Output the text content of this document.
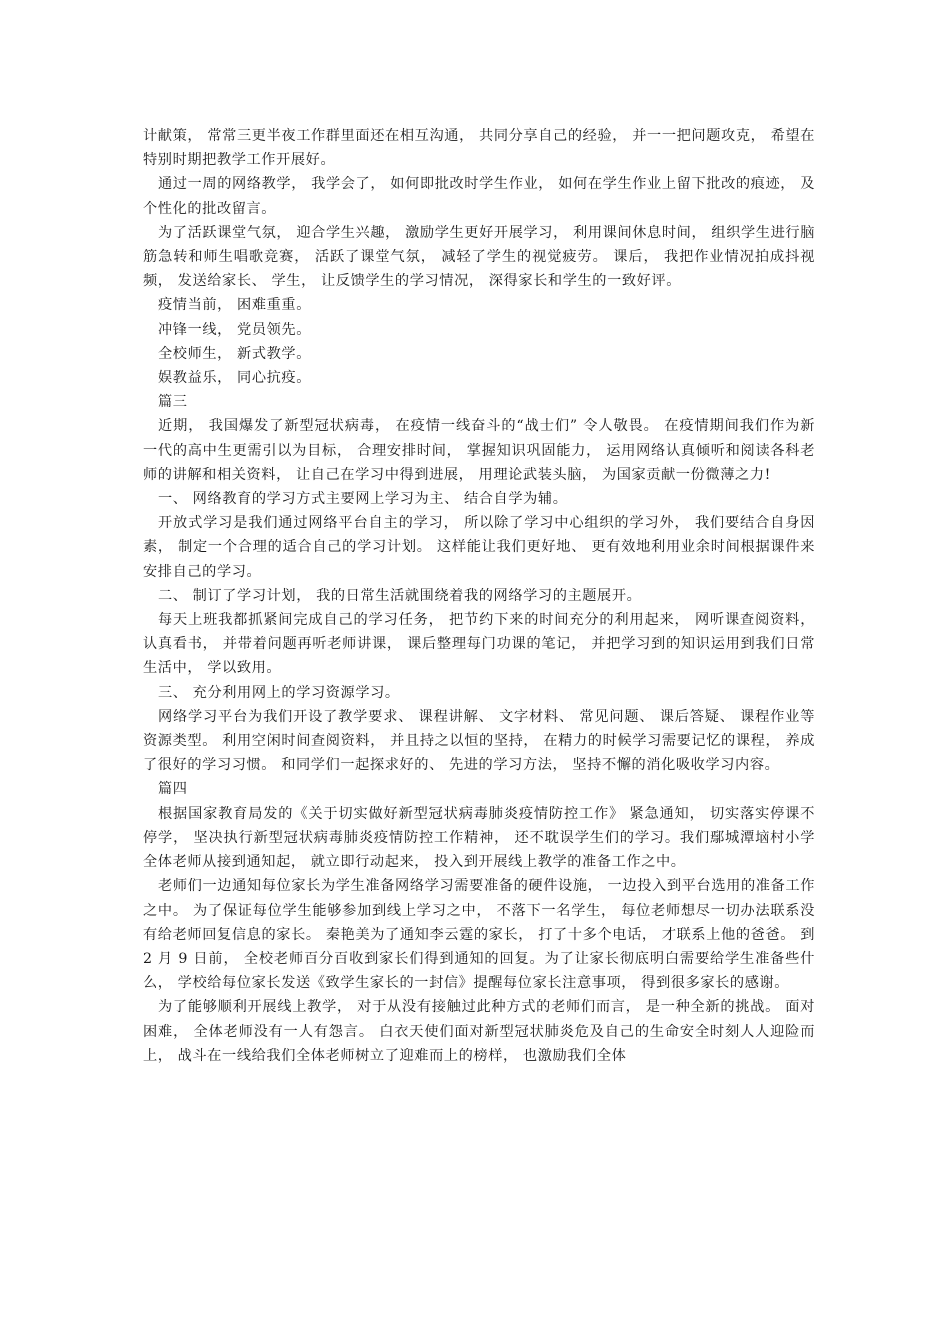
计献策， 常常三更半夜工作群里面还在相互沟通， 共同分享自己的经验， 并一一把问题攻克， 希望在特别时期把教学工作开展好。

通过一周的网络教学， 我学会了， 如何即批改时学生作业， 如何在学生作业上留下批改的痕迹， 及个性化的批改留言。

为了活跃课堂气氛， 迎合学生兴趣， 激励学生更好开展学习， 利用课间休息时间， 组织学生进行脑筋急转和师生唱歌竞赛， 活跃了课堂气氛， 减轻了学生的视觉疲劳。 课后， 我把作业情况拍成抖视频， 发送给家长、 学生， 让反馈学生的学习情况， 深得家长和学生的一致好评。

疫情当前， 困难重重。

冲锋一线， 党员领先。

全校师生， 新式教学。

娱教益乐， 同心抗疫。

篇三

近期， 我国爆发了新型冠状病毒， 在疫情一线奋斗的“战士们” 令人敬畏。 在疫情期间我们作为新一代的高中生更需引以为目标， 合理安排时间， 掌握知识巩固能力， 运用网络认真倾听和阅读各科老师的讲解和相关资料， 让自己在学习中得到进展， 用理论武装头脑， 为国家贡献一份微薄之力!

一、 网络教育的学习方式主要网上学习为主、 结合自学为辅。

开放式学习是我们通过网络平台自主的学习， 所以除了学习中心组织的学习外， 我们要结合自身因素， 制定一个合理的适合自己的学习计划。 这样能让我们更好地、 更有效地利用业余时间根据课件来安排自己的学习。

二、 制订了学习计划， 我的日常生活就围绕着我的网络学习的主题展开。

每天上班我都抓紧间完成自己的学习任务， 把节约下来的时间充分的利用起来， 网听课查阅资料， 认真看书， 并带着问题再听老师讲课， 课后整理每门功课的笔记， 并把学习到的知识运用到我们日常生活中， 学以致用。

三、 充分利用网上的学习资源学习。

网络学习平台为我们开设了教学要求、 课程讲解、 文字材料、 常见问题、 课后答疑、 课程作业等资源类型。 利用空闲时间查阅资料， 并且持之以恒的坚持， 在精力的时候学习需要记忆的课程， 养成了很好的学习习惯。 和同学们一起探求好的、 先进的学习方法， 坚持不懈的消化吸收学习内容。

篇四

根据国家教育局发的《关于切实做好新型冠状病毒肺炎疫情防控工作》 紧急通知， 切实落实停课不停学， 坚决执行新型冠状病毒肺炎疫情防控工作精神， 还不耽误学生们的学习。我们鄢城潭垴村小学全体老师从接到通知起， 就立即行动起来， 投入到开展线上教学的准备工作之中。

老师们一边通知每位家长为学生准备网络学习需要准备的硬件设施， 一边投入到平台选用的准备工作之中。 为了保证每位学生能够参加到线上学习之中， 不落下一名学生， 每位老师想尽一切办法联系没有给老师回复信息的家长。 秦艳美为了通知李云霆的家长， 打了十多个电话， 才联系上他的爸爸。 到 2 月 9 日前， 全校老师百分百收到家长们得到通知的回复。为了让家长彻底明白需要给学生准备些什么， 学校给每位家长发送《致学生家长的一封信》提醒每位家长注意事项， 得到很多家长的感谢。

为了能够顺利开展线上教学， 对于从没有接触过此种方式的老师们而言， 是一种全新的挑战。 面对困难， 全体老师没有一人有怨言。 白衣天使们面对新型冠状肺炎危及自己的生命安全时刻人人迎险而上， 战斗在一线给我们全体老师树立了迎难而上的榜样， 也激励我们全体
